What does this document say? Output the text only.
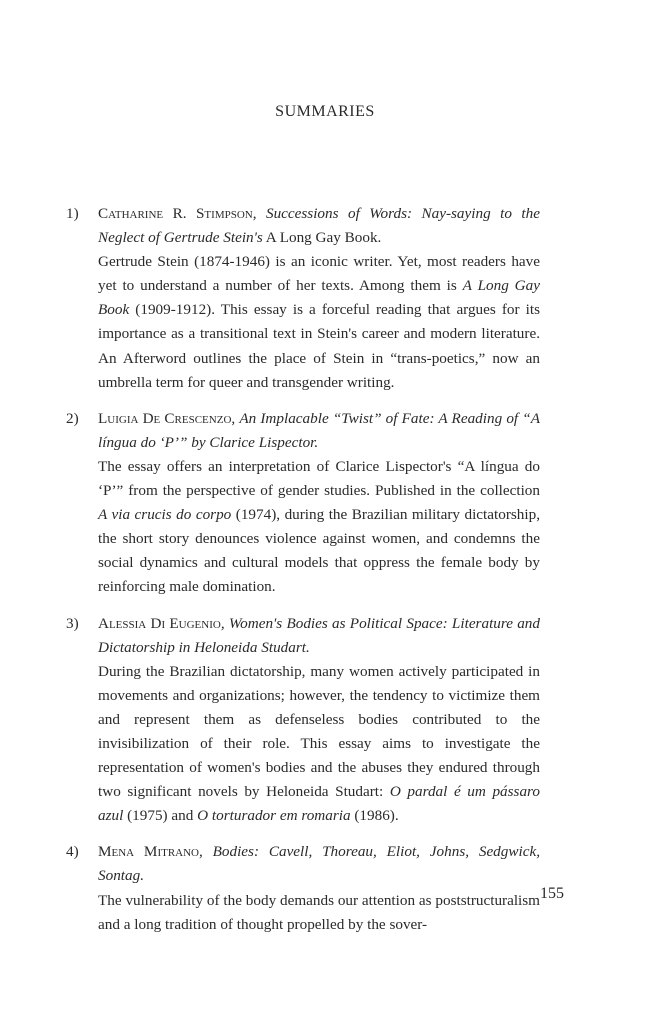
SUMMARIES
1) Catharine R. Stimpson, Successions of Words: Nay-saying to the Neglect of Gertrude Stein's A Long Gay Book.
Gertrude Stein (1874-1946) is an iconic writer. Yet, most readers have yet to understand a number of her texts. Among them is A Long Gay Book (1909-1912). This essay is a forceful reading that argues for its importance as a transitional text in Stein's career and modern literature. An Afterword outlines the place of Stein in “trans-poetics,” now an umbrella term for queer and transgender writing.
2) Luigia De Crescenzo, An Implacable “Twist” of Fate: A Reading of “A língua do ‘P’” by Clarice Lispector.
The essay offers an interpretation of Clarice Lispector's “A língua do ‘P’” from the perspective of gender studies. Published in the collection A via crucis do corpo (1974), during the Brazilian military dictatorship, the short story denounces violence against women, and condemns the social dynamics and cultural models that oppress the female body by reinforcing male domination.
3) Alessia Di Eugenio, Women's Bodies as Political Space: Literature and Dictatorship in Heloneida Studart.
During the Brazilian dictatorship, many women actively participated in movements and organizations; however, the tendency to victimize them and represent them as defenseless bodies contributed to the invisibilization of their role. This essay aims to investigate the representation of women's bodies and the abuses they endured through two significant novels by Heloneida Studart: O pardal é um pássaro azul (1975) and O torturador em romaria (1986).
4) Mena Mitrano, Bodies: Cavell, Thoreau, Eliot, Johns, Sedgwick, Sontag.
The vulnerability of the body demands our attention as poststructuralism and a long tradition of thought propelled by the sover-
155
